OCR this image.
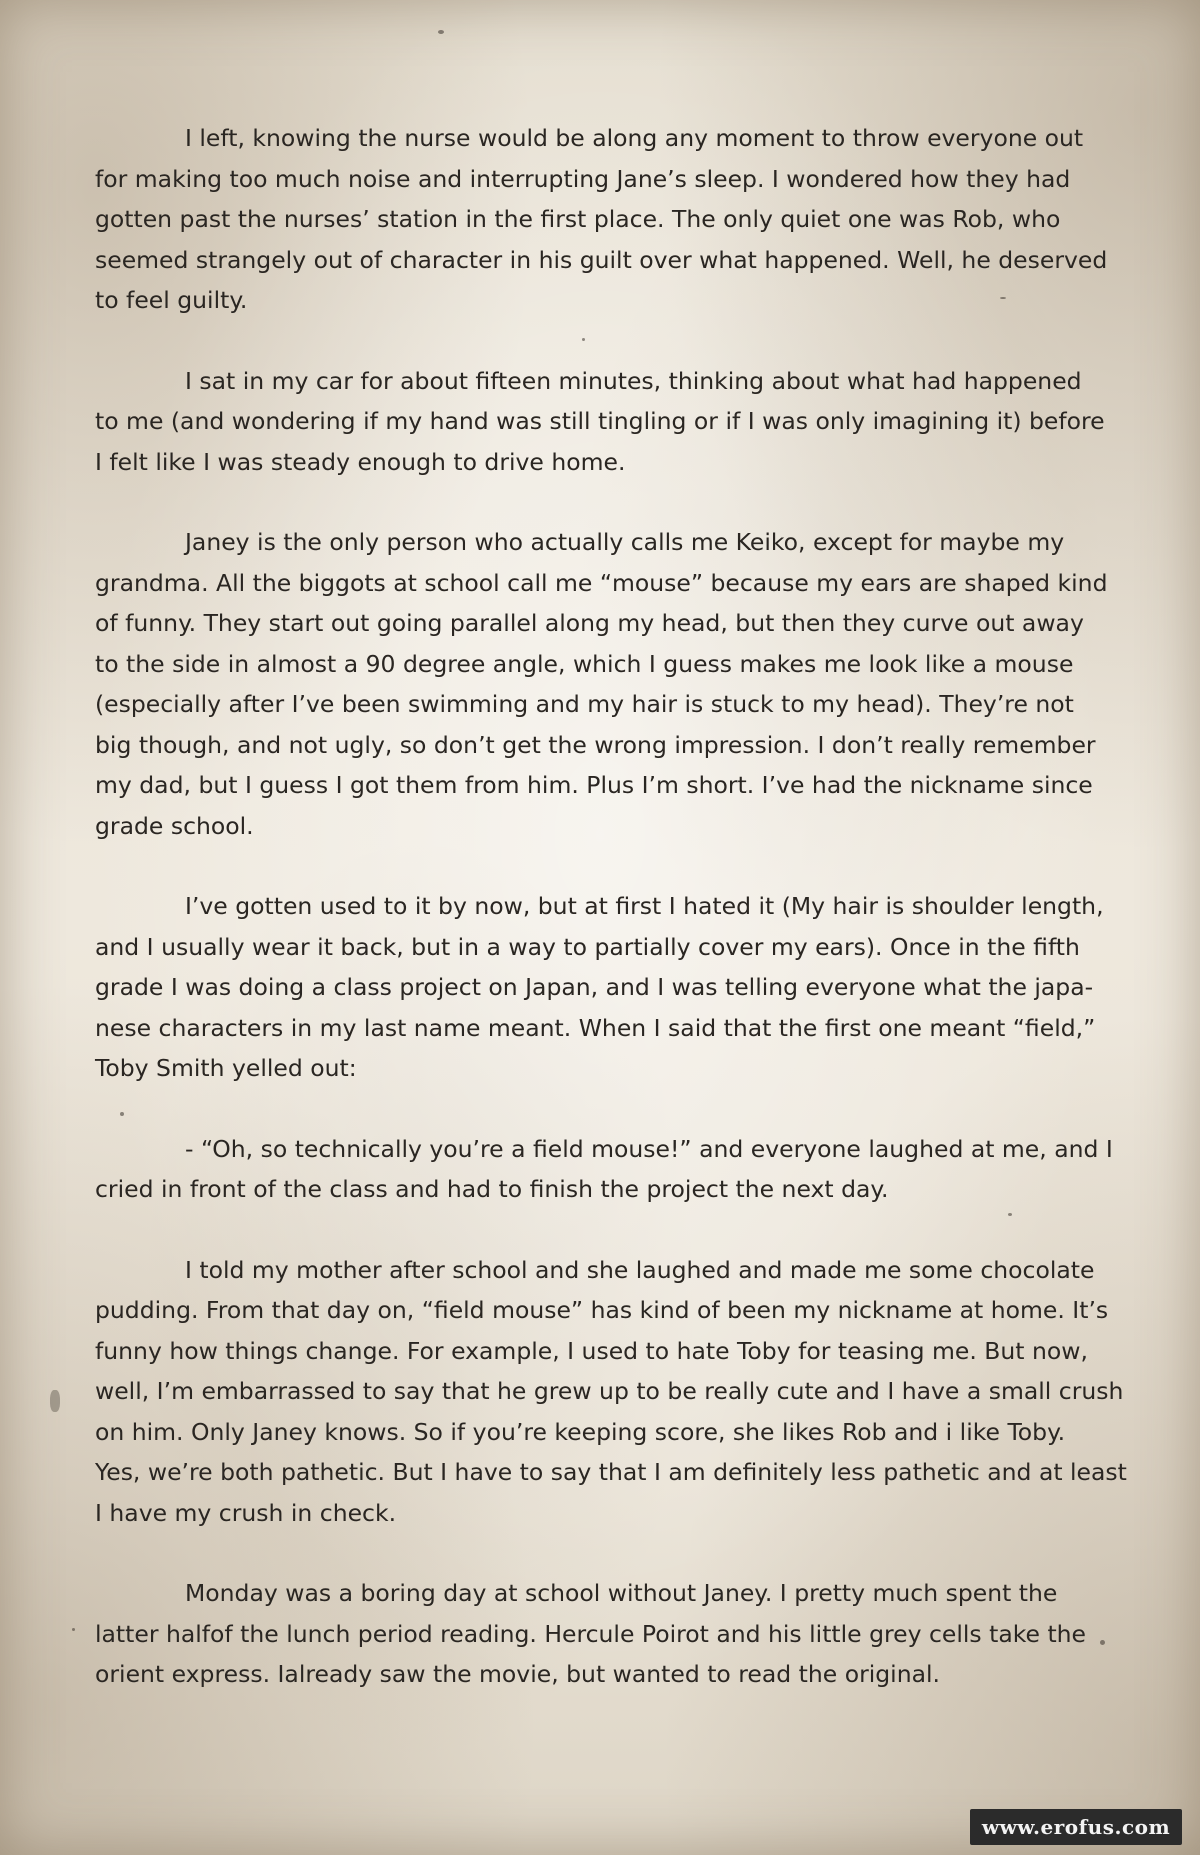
I left, knowing the nurse would be along any moment to throw everyone out
for making too much noise and interrupting Jane’s sleep. I wondered how they had
gotten past the nurses’ station in the first place. The only quiet one was Rob, who
seemed strangely out of character in his guilt over what happened. Well, he deserved
to feel guilty.

I sat in my car for about fifteen minutes, thinking about what had happened
to me (and wondering if my hand was still tingling or if I was only imagining it) before
I felt like I was steady enough to drive home.

Janey is the only person who actually calls me Keiko, except for maybe my
grandma. All the biggots at school call me “mouse” because my ears are shaped kind
of funny. They start out going parallel along my head, but then they curve out away
to the side in almost a 90 degree angle, which I guess makes me look like a mouse
(especially after I’ve been swimming and my hair is stuck to my head). They’re not
big though, and not ugly, so don’t get the wrong impression. I don’t really remember
my dad, but I guess I got them from him. Plus I’m short. I’ve had the nickname since
grade school.

I’ve gotten used to it by now, but at first I hated it (My hair is shoulder length,
and I usually wear it back, but in a way to partially cover my ears). Once in the fifth
grade I was doing a class project on Japan, and I was telling everyone what the japa-
nese characters in my last name meant. When I said that the first one meant “field,”
Toby Smith yelled out:

- “Oh, so technically you’re a field mouse!” and everyone laughed at me, and I
cried in front of the class and had to finish the project the next day.

I told my mother after school and she laughed and made me some chocolate
pudding. From that day on, “field mouse” has kind of been my nickname at home. It’s
funny how things change. For example, I used to hate Toby for teasing me. But now,
well, I’m embarrassed to say that he grew up to be really cute and I have a small crush
on him. Only Janey knows. So if you’re keeping score, she likes Rob and i like Toby.
Yes, we’re both pathetic. But I have to say that I am definitely less pathetic and at least
I have my crush in check.

Monday was a boring day at school without Janey. I pretty much spent the
latter halfof the lunch period reading. Hercule Poirot and his little grey cells take the
orient express. Ialready saw the movie, but wanted to read the original.

www.erofus.com
